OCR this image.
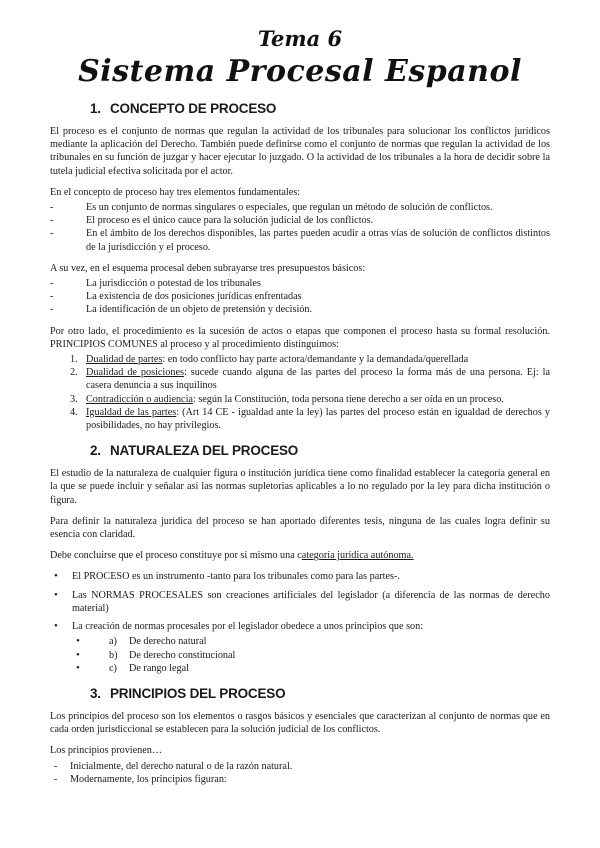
Tema 6
Sistema Procesal Espanol
1. CONCEPTO DE PROCESO

El proceso es el conjunto de normas que regulan la actividad de los tribunales para solucionar los conflictos jurídicos mediante la aplicación del Derecho. También puede definirse como el conjunto de normas que regulan la actividad de los tribunales en su función de juzgar y hacer ejecutar lo juzgado. O la actividad de los tribunales a la hora de decidir sobre la tutela judicial efectiva solicitada por el actor.

En el concepto de proceso hay tres elementos fundamentales:

- Es un conjunto de normas singulares o especiales, que regulan un método de solución de conflictos.
- El proceso es el único cauce para la solución judicial de los conflictos.
- En el ámbito de los derechos disponibles, las partes pueden acudir a otras vías de solución de conflictos distintos de la jurisdicción y el proceso.

A su vez, en el esquema procesal deben subrayarse tres presupuestos básicos:

- La jurisdicción o potestad de los tribunales
- La existencia de dos posiciones jurídicas enfrentadas
- La identificación de un objeto de pretensión y decisión.

Por otro lado, el procedimiento es la sucesión de actos o etapas que componen el proceso hasta su formal resolución. PRINCIPIOS COMUNES al proceso y al procedimiento distinguimos:

1. Dualidad de partes: en todo conflicto hay parte actora/demandante y la demandada/querellada
2. Dualidad de posiciones: sucede cuando alguna de las partes del proceso la forma más de una persona. Ej: la casera denuncia a sus inquilinos
3. Contradicción o audiencia: según la Constitución, toda persona tiene derecho a ser oída en un proceso.
4. Igualdad de las partes: (Art 14 CE - igualdad ante la ley) las partes del proceso están en igualdad de derechos y posibilidades, no hay privilegios.
2. NATURALEZA DEL PROCESO

El estudio de la naturaleza de cualquier figura o institución jurídica tiene como finalidad establecer la categoría general en la que se puede incluir y señalar así las normas supletorias aplicables a lo no regulado por la ley para dicha institución o figura.

Para definir la naturaleza jurídica del proceso se han aportado diferentes tesis, ninguna de las cuales logra definir su esencia con claridad.

Debe concluirse que el proceso constituye por sí mismo una categoría jurídica autónoma.

• El PROCESO es un instrumento -tanto para los tribunales como para las partes-.
• Las NORMAS PROCESALES son creaciones artificiales del legislador (a diferencia de las normas de derecho material)
• La creación de normas procesales por el legislador obedece a unos principios que son:
• a) De derecho natural
• b) De derecho constitucional
• c) De rango legal
3. PRINCIPIOS DEL PROCESO

Los principios del proceso son los elementos o rasgos básicos y esenciales que caracterizan al conjunto de normas que en cada orden jurisdiccional se establecen para la solución judicial de los conflictos.

Los principios provienen…

- Inicialmente, del derecho natural o de la razón natural.
- Modernamente, los principios figuran:
